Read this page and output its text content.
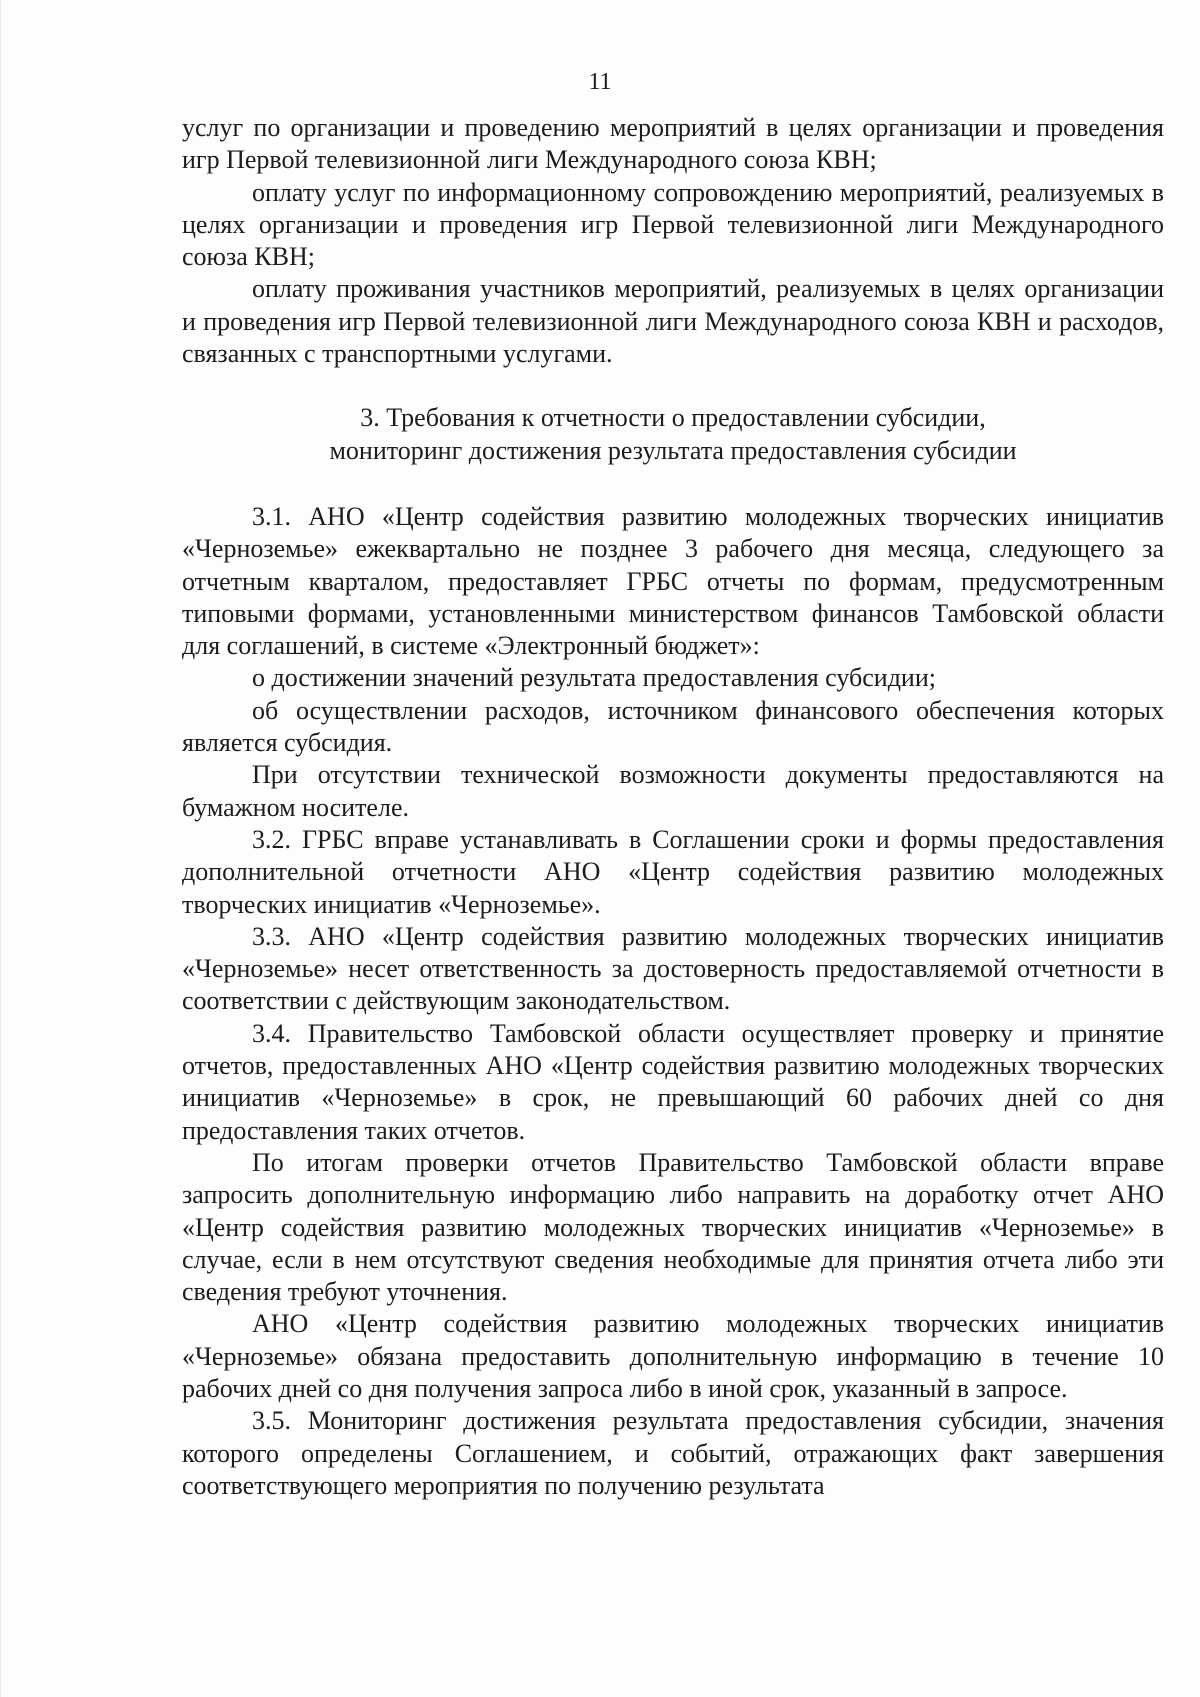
11

услуг по организации и проведению мероприятий в целях организации и проведения игр Первой телевизионной лиги Международного союза КВН;

оплату услуг по информационному сопровождению мероприятий, реализуемых в целях организации и проведения игр Первой телевизионной лиги Международного союза КВН;

оплату проживания участников мероприятий, реализуемых в целях организации и проведения игр Первой телевизионной лиги Международного союза КВН и расходов, связанных с транспортными услугами.

3. Требования к отчетности о предоставлении субсидии,
мониторинг достижения результата предоставления субсидии

3.1. АНО «Центр содействия развитию молодежных творческих инициатив «Черноземье» ежеквартально не позднее 3 рабочего дня месяца, следующего за отчетным кварталом, предоставляет ГРБС отчеты по формам, предусмотренным типовыми формами, установленными министерством финансов Тамбовской области для соглашений, в системе «Электронный бюджет»:

о достижении значений результата предоставления субсидии;

об осуществлении расходов, источником финансового обеспечения которых является субсидия.

При отсутствии технической возможности документы предоставляются на бумажном носителе.

3.2. ГРБС вправе устанавливать в Соглашении сроки и формы предоставления дополнительной отчетности АНО «Центр содействия развитию молодежных творческих инициатив «Черноземье».

3.3. АНО «Центр содействия развитию молодежных творческих инициатив «Черноземье» несет ответственность за достоверность предоставляемой отчетности в соответствии с действующим законодательством.

3.4. Правительство Тамбовской области осуществляет проверку и принятие отчетов, предоставленных АНО «Центр содействия развитию молодежных творческих инициатив «Черноземье» в срок, не превышающий 60 рабочих дней со дня предоставления таких отчетов.

По итогам проверки отчетов Правительство Тамбовской области вправе запросить дополнительную информацию либо направить на доработку отчет АНО «Центр содействия развитию молодежных творческих инициатив «Черноземье» в случае, если в нем отсутствуют сведения необходимые для принятия отчета либо эти сведения требуют уточнения.

АНО «Центр содействия развитию молодежных творческих инициатив «Черноземье» обязана предоставить дополнительную информацию в течение 10 рабочих дней со дня получения запроса либо в иной срок, указанный в запросе.

3.5. Мониторинг достижения результата предоставления субсидии, значения которого определены Соглашением, и событий, отражающих факт завершения соответствующего мероприятия по получению результата
